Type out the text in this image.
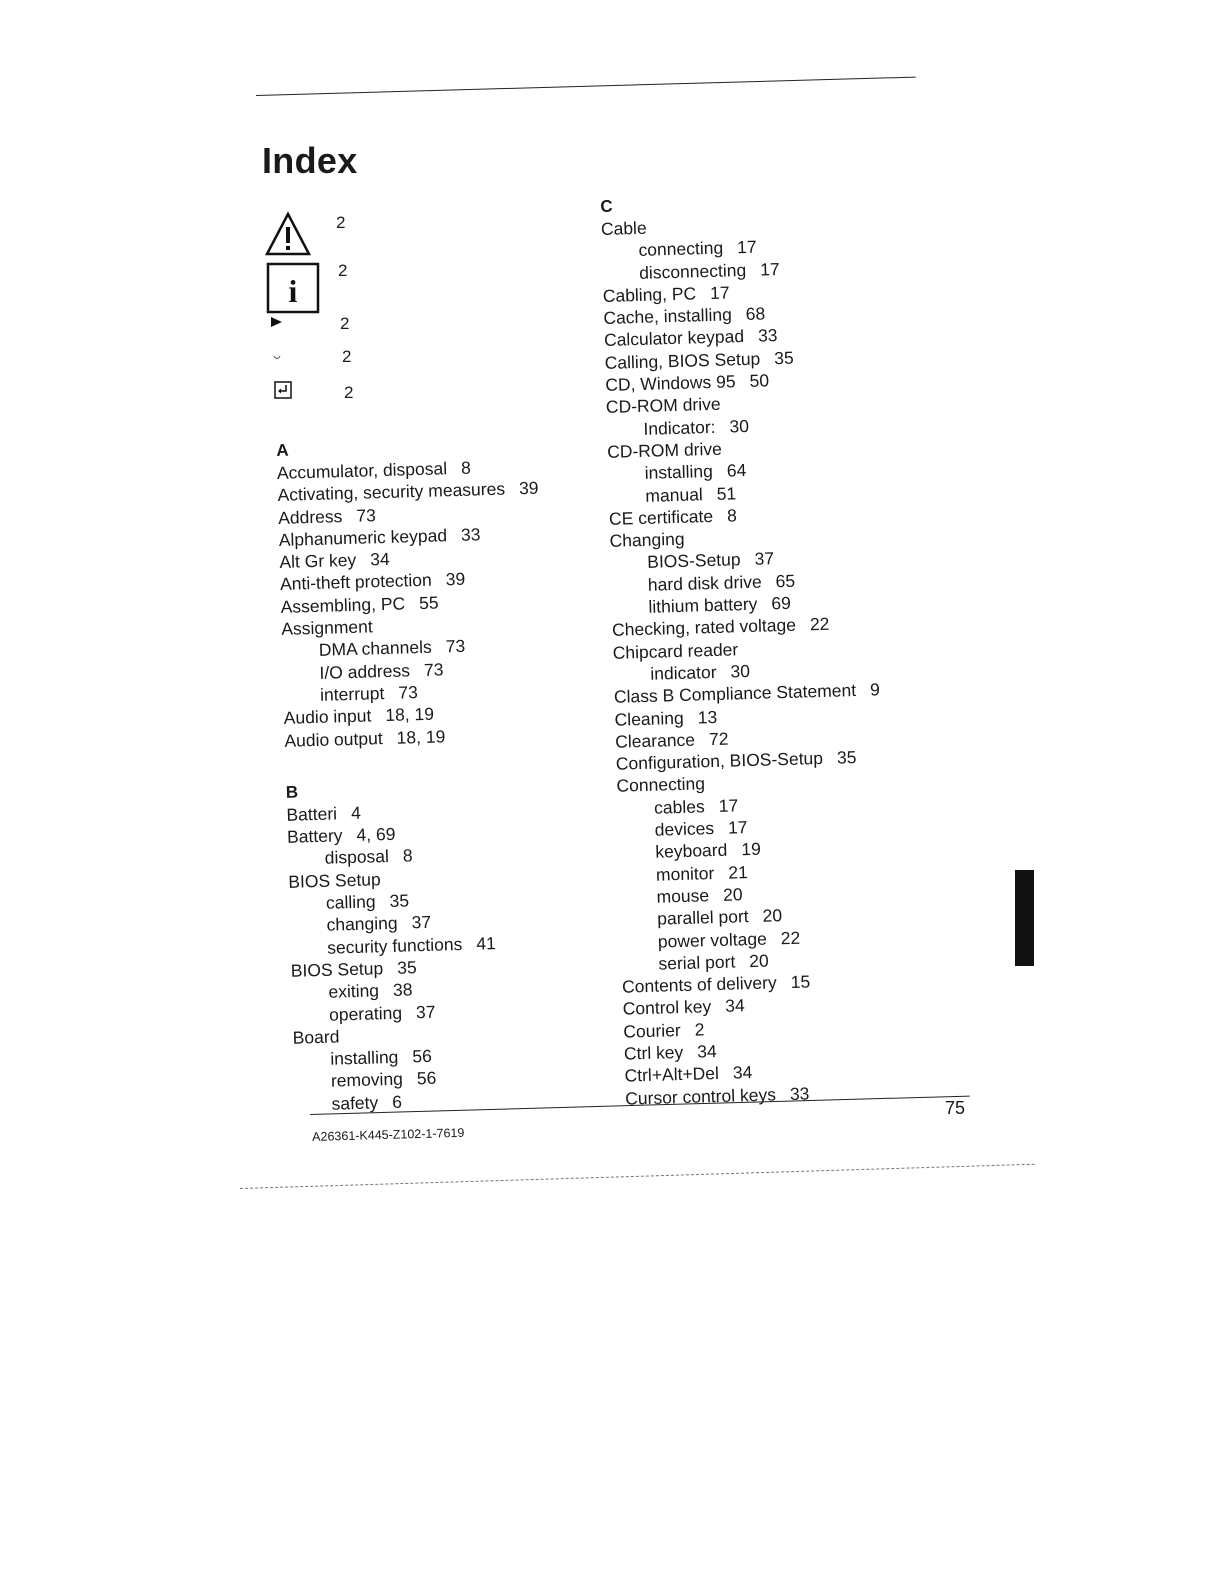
Index
2
i
2
2
2
2
A
Accumulator, disposal 8
Activating, security measures 39
Address 73
Alphanumeric keypad 33
Alt Gr key 34
Anti-theft protection 39
Assembling, PC 55
Assignment
DMA channels 73
I/O address 73
interrupt 73
Audio input 18, 19
Audio output 18, 19
B
Batteri 4
Battery 4, 69
disposal 8
BIOS Setup
calling 35
changing 37
security functions 41
BIOS Setup 35
exiting 38
operating 37
Board
installing 56
removing 56
safety 6
C
Cable
connecting 17
disconnecting 17
Cabling, PC 17
Cache, installing 68
Calculator keypad 33
Calling, BIOS Setup 35
CD, Windows 95 50
CD-ROM drive
Indicator: 30
CD-ROM drive
installing 64
manual 51
CE certificate 8
Changing
BIOS-Setup 37
hard disk drive 65
lithium battery 69
Checking, rated voltage 22
Chipcard reader
indicator 30
Class B Compliance Statement 9
Cleaning 13
Clearance 72
Configuration, BIOS-Setup 35
Connecting
cables 17
devices 17
keyboard 19
monitor 21
mouse 20
parallel port 20
power voltage 22
serial port 20
Contents of delivery 15
Control key 34
Courier 2
Ctrl key 34
Ctrl+Alt+Del 34
Cursor control keys 33
75
A26361-K445-Z102-1-7619
